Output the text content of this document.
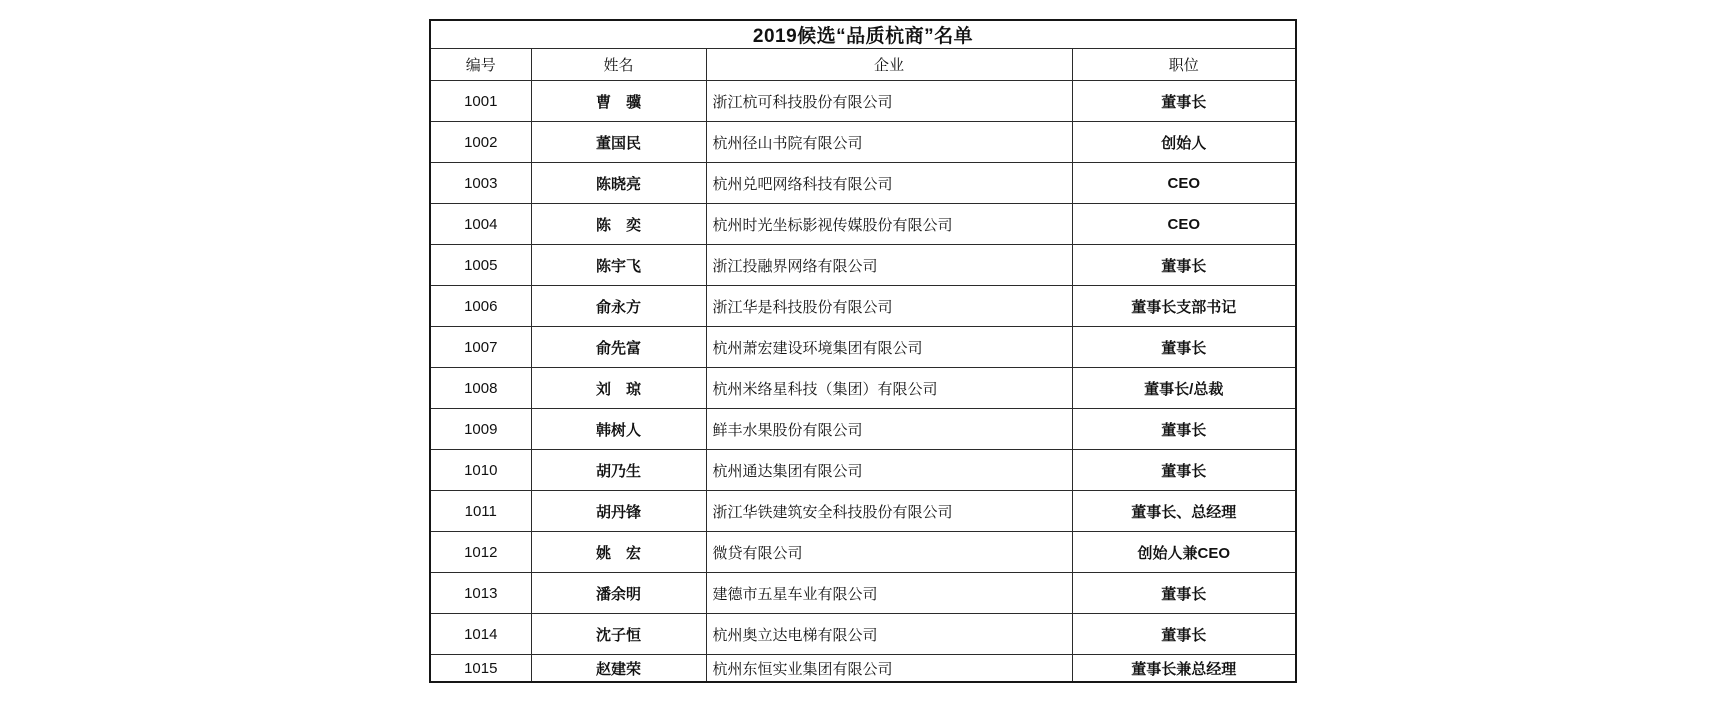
2019候选“品质杭商”名单			
编号	姓名	企业	职位
1001	曹　骥	浙江杭可科技股份有限公司	董事长
1002	董国民	杭州径山书院有限公司	创始人
1003	陈晓亮	杭州兑吧网络科技有限公司	CEO
1004	陈　奕	杭州时光坐标影视传媒股份有限公司	CEO
1005	陈宇飞	浙江投融界网络有限公司	董事长
1006	俞永方	浙江华是科技股份有限公司	董事长支部书记
1007	俞先富	杭州萧宏建设环境集团有限公司	董事长
1008	刘　琼	杭州米络星科技（集团）有限公司	董事长/总裁
1009	韩树人	鲜丰水果股份有限公司	董事长
1010	胡乃生	杭州通达集团有限公司	董事长
1011	胡丹锋	浙江华铁建筑安全科技股份有限公司	董事长、总经理
1012	姚　宏	微贷有限公司	创始人兼CEO
1013	潘余明	建德市五星车业有限公司	董事长
1014	沈子恒	杭州奥立达电梯有限公司	董事长
1015	赵建荣	杭州东恒实业集团有限公司	董事长兼总经理
